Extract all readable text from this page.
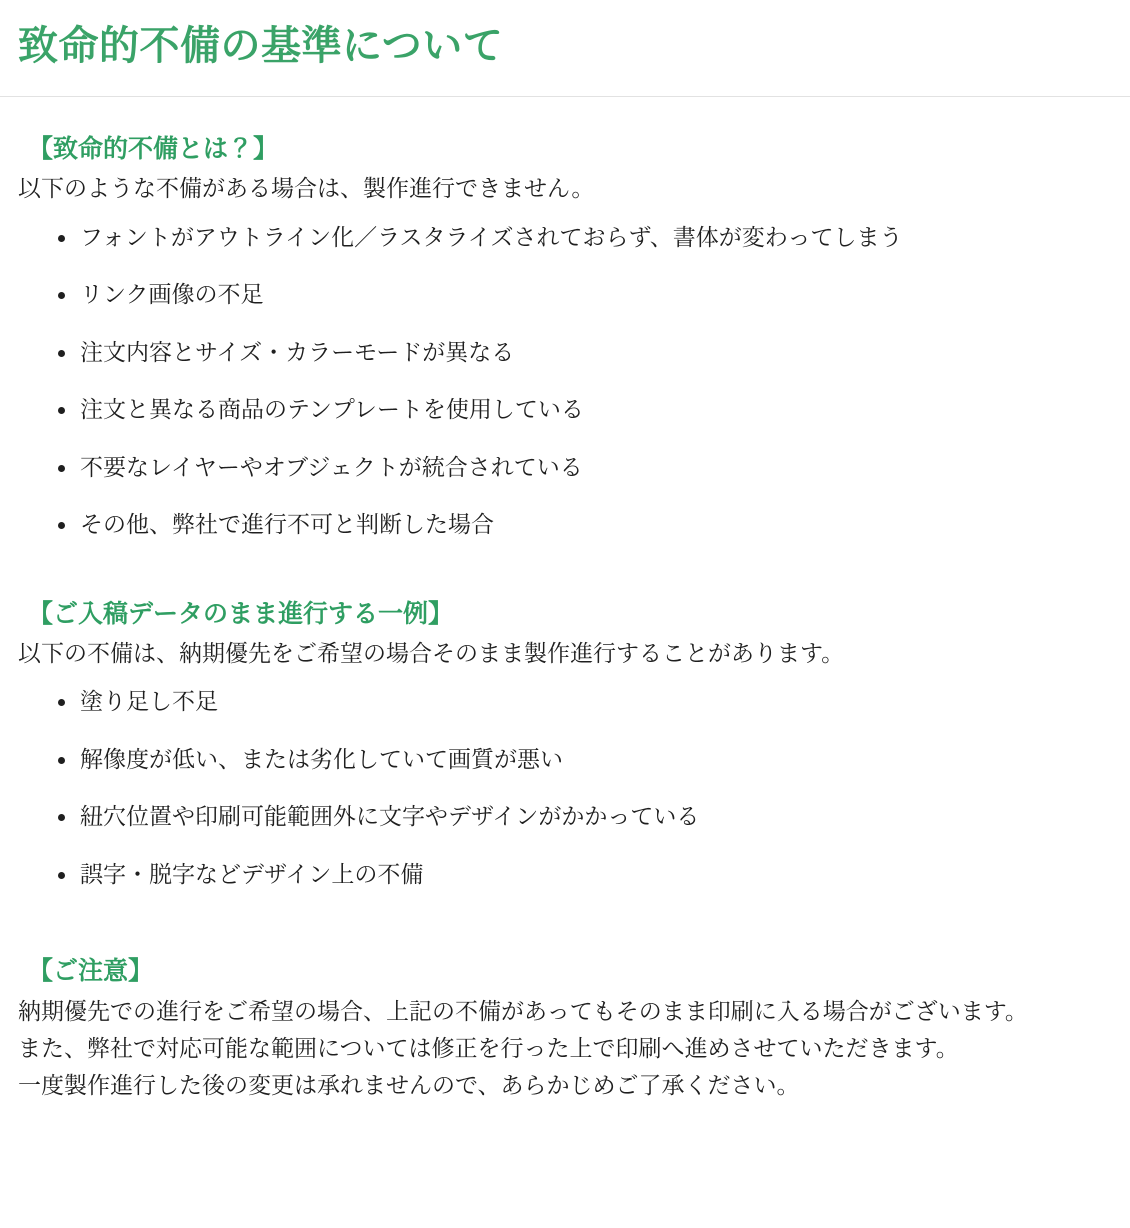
致命的不備の基準について
【致命的不備とは？】

以下のような不備がある場合は、製作進行できません。

フォントがアウトライン化／ラスタライズされておらず、書体が変わってしまう
リンク画像の不足
注文内容とサイズ・カラーモードが異なる
注文と異なる商品のテンプレートを使用している
不要なレイヤーやオブジェクトが統合されている
その他、弊社で進行不可と判断した場合
【ご入稿データのまま進行する一例】

以下の不備は、納期優先をご希望の場合そのまま製作進行することがあります。

塗り足し不足
解像度が低い、または劣化していて画質が悪い
紐穴位置や印刷可能範囲外に文字やデザインがかかっている
誤字・脱字などデザイン上の不備
【ご注意】

納期優先での進行をご希望の場合、上記の不備があってもそのまま印刷に入る場合がございます。

また、弊社で対応可能な範囲については修正を行った上で印刷へ進めさせていただきます。

一度製作進行した後の変更は承れませんので、あらかじめご了承ください。
